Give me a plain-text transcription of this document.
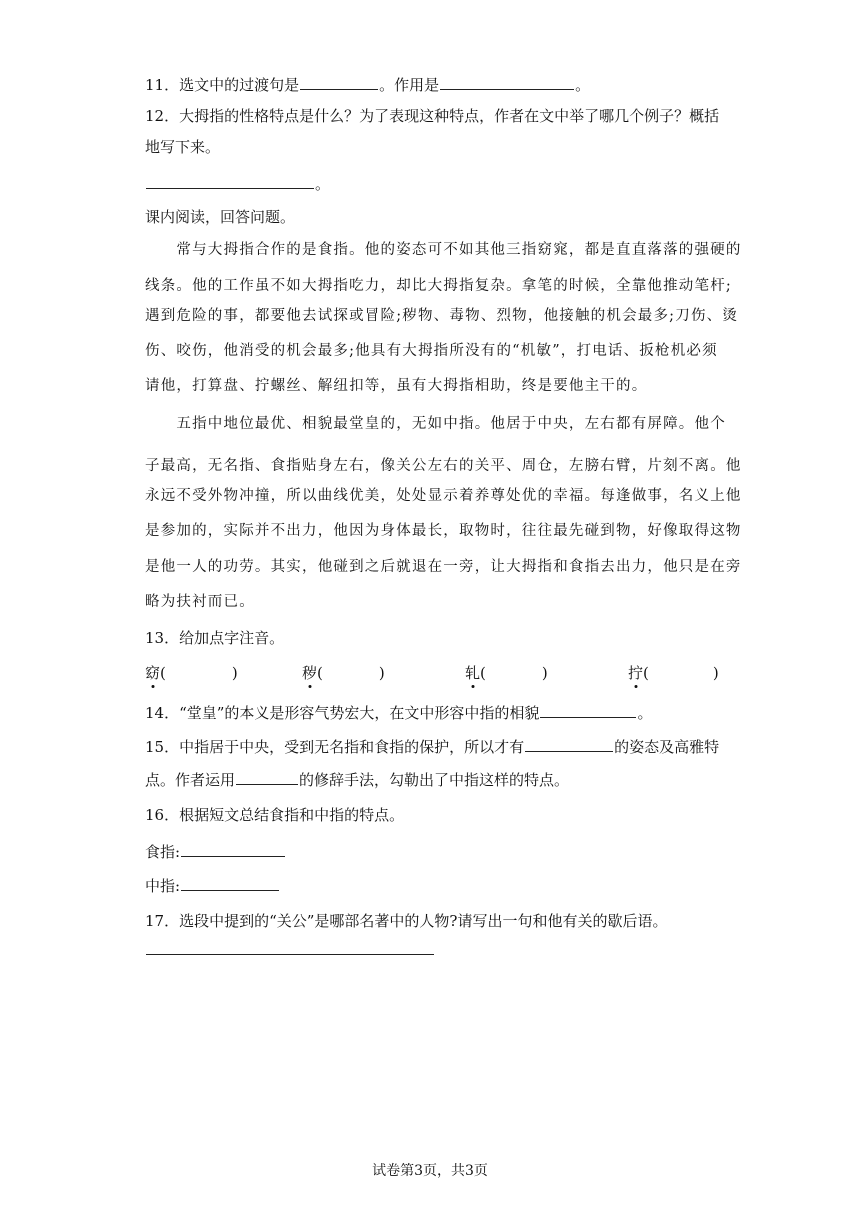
11．选文中的过渡句是	。作用是	。
12．大拇指的性格特点是什么？为了表现这种特点，作者在文中举了哪几个例子？概括
地写下来。
。
课内阅读，回答问题。
　　常与大拇指合作的是食指。他的姿态可不如其他三指窈窕，都是直直落落的强硬的
线条。他的工作虽不如大拇指吃力，却比大拇指复杂。拿笔的时候，全靠他推动笔杆;
遇到危险的事，都要他去试探或冒险;秽物、毒物、烈物，他接触的机会最多;刀伤、烫
伤、咬伤，他消受的机会最多;他具有大拇指所没有的“机敏”，打电话、扳枪机必须
请他，打算盘、拧螺丝、解纽扣等，虽有大拇指相助，终是要他主干的。
　　五指中地位最优、相貌最堂皇的，无如中指。他居于中央，左右都有屏障。他个
子最高，无名指、食指贴身左右，像关公左右的关平、周仓，左膀右臂，片刻不离。他
永远不受外物冲撞，所以曲线优美，处处显示着养尊处优的幸福。每逢做事，名义上他
是参加的，实际并不出力，他因为身体最长，取物时，往往最先碰到物，好像取得这物
是他一人的功劳。其实，他碰到之后就退在一旁，让大拇指和食指去出力，他只是在旁
略为扶衬而已。
13．给加点字注音。
窈(	)	秽(	)	轧(	)	拧(	)
14．“堂皇”的本义是形容气势宏大，在文中形容中指的相貌	。
15．中指居于中央，受到无名指和食指的保护，所以才有	的姿态及高雅特
点。作者运用	的修辞手法，勾勒出了中指这样的特点。
16．根据短文总结食指和中指的特点。
食指:
中指:
17．选段中提到的“关公”是哪部名著中的人物?请写出一句和他有关的歇后语。
试卷第3页，共3页
